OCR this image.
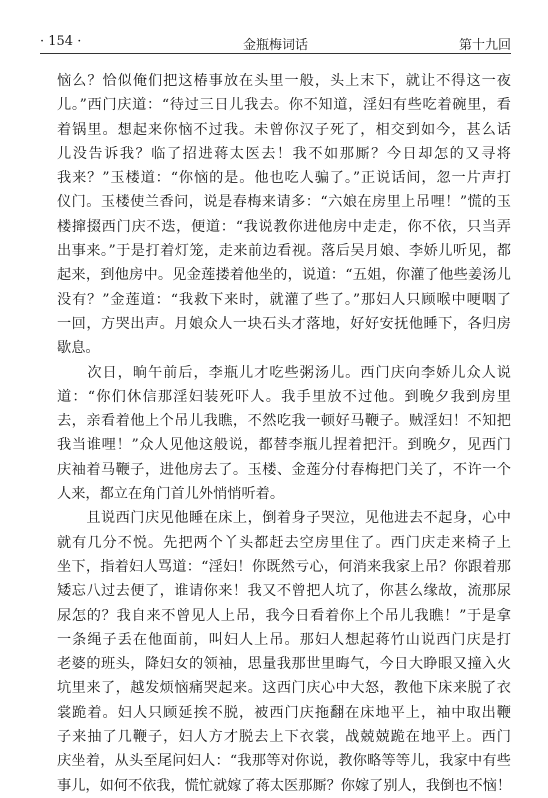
· 154 ·	金瓶梅词话	第十九回
恼么？恰似俺们把这椿事放在头里一般，头上末下，就让不得这一夜
儿。”西门庆道：“待过三日儿我去。你不知道，淫妇有些吃着碗里，看
着锅里。想起来你恼不过我。未曾你汉子死了，相交到如今，甚么话
儿没告诉我？临了招进蒋太医去！我不如那厮？今日却怎的又寻将
我来？”玉楼道：“你恼的是。他也吃人骗了。”正说话间，忽一片声打
仪门。玉楼使兰香问，说是春梅来请多：“六娘在房里上吊哩！”慌的玉
楼撺掇西门庆不迭，便道：“我说教你进他房中走走，你不依，只当弄
出事来。”于是打着灯笼，走来前边看视。落后吴月娘、李娇儿听见，都
起来，到他房中。见金莲搂着他坐的，说道：“五姐，你灌了他些姜汤儿
没有？”金莲道：“我救下来时，就灌了些了。”那妇人只顾喉中哽咽了
一回，方哭出声。月娘众人一块石头才落地，好好安抚他睡下，各归房
歇息。
　　次日，晌午前后，李瓶儿才吃些粥汤儿。西门庆向李娇儿众人说
道：“你们休信那淫妇装死吓人。我手里放不过他。到晚夕我到房里
去，亲看着他上个吊儿我瞧，不然吃我一顿好马鞭子。贼淫妇！不知把
我当谁哩！”众人见他这般说，都替李瓶儿捏着把汗。到晚夕，见西门
庆袖着马鞭子，进他房去了。玉楼、金莲分付春梅把门关了，不许一个
人来，都立在角门首儿外悄悄听着。
　　且说西门庆见他睡在床上，倒着身子哭泣，见他进去不起身，心中
就有几分不悦。先把两个丫头都赶去空房里住了。西门庆走来椅子上
坐下，指着妇人骂道：“淫妇！你既然亏心，何消来我家上吊？你跟着那
矮忘八过去便了，谁请你来！我又不曾把人坑了，你甚么缘故，流那尿
尿怎的？我自来不曾见人上吊，我今日看着你上个吊儿我瞧！”于是拿
一条绳子丢在他面前，叫妇人上吊。那妇人想起蒋竹山说西门庆是打
老婆的班头，降妇女的领袖，思量我那世里晦气，今日大睁眼又撞入火
坑里来了，越发烦恼痛哭起来。这西门庆心中大怒，教他下床来脱了衣
裳跪着。妇人只顾延挨不脱，被西门庆拖翻在床地平上，袖中取出鞭
子来抽了几鞭子，妇人方才脱去上下衣裳，战兢兢跪在地平上。西门
庆坐着，从头至尾问妇人：“我那等对你说，教你略等等儿，我家中有些
事儿，如何不依我，慌忙就嫁了蒋太医那厮？你嫁了别人，我倒也不恼！
